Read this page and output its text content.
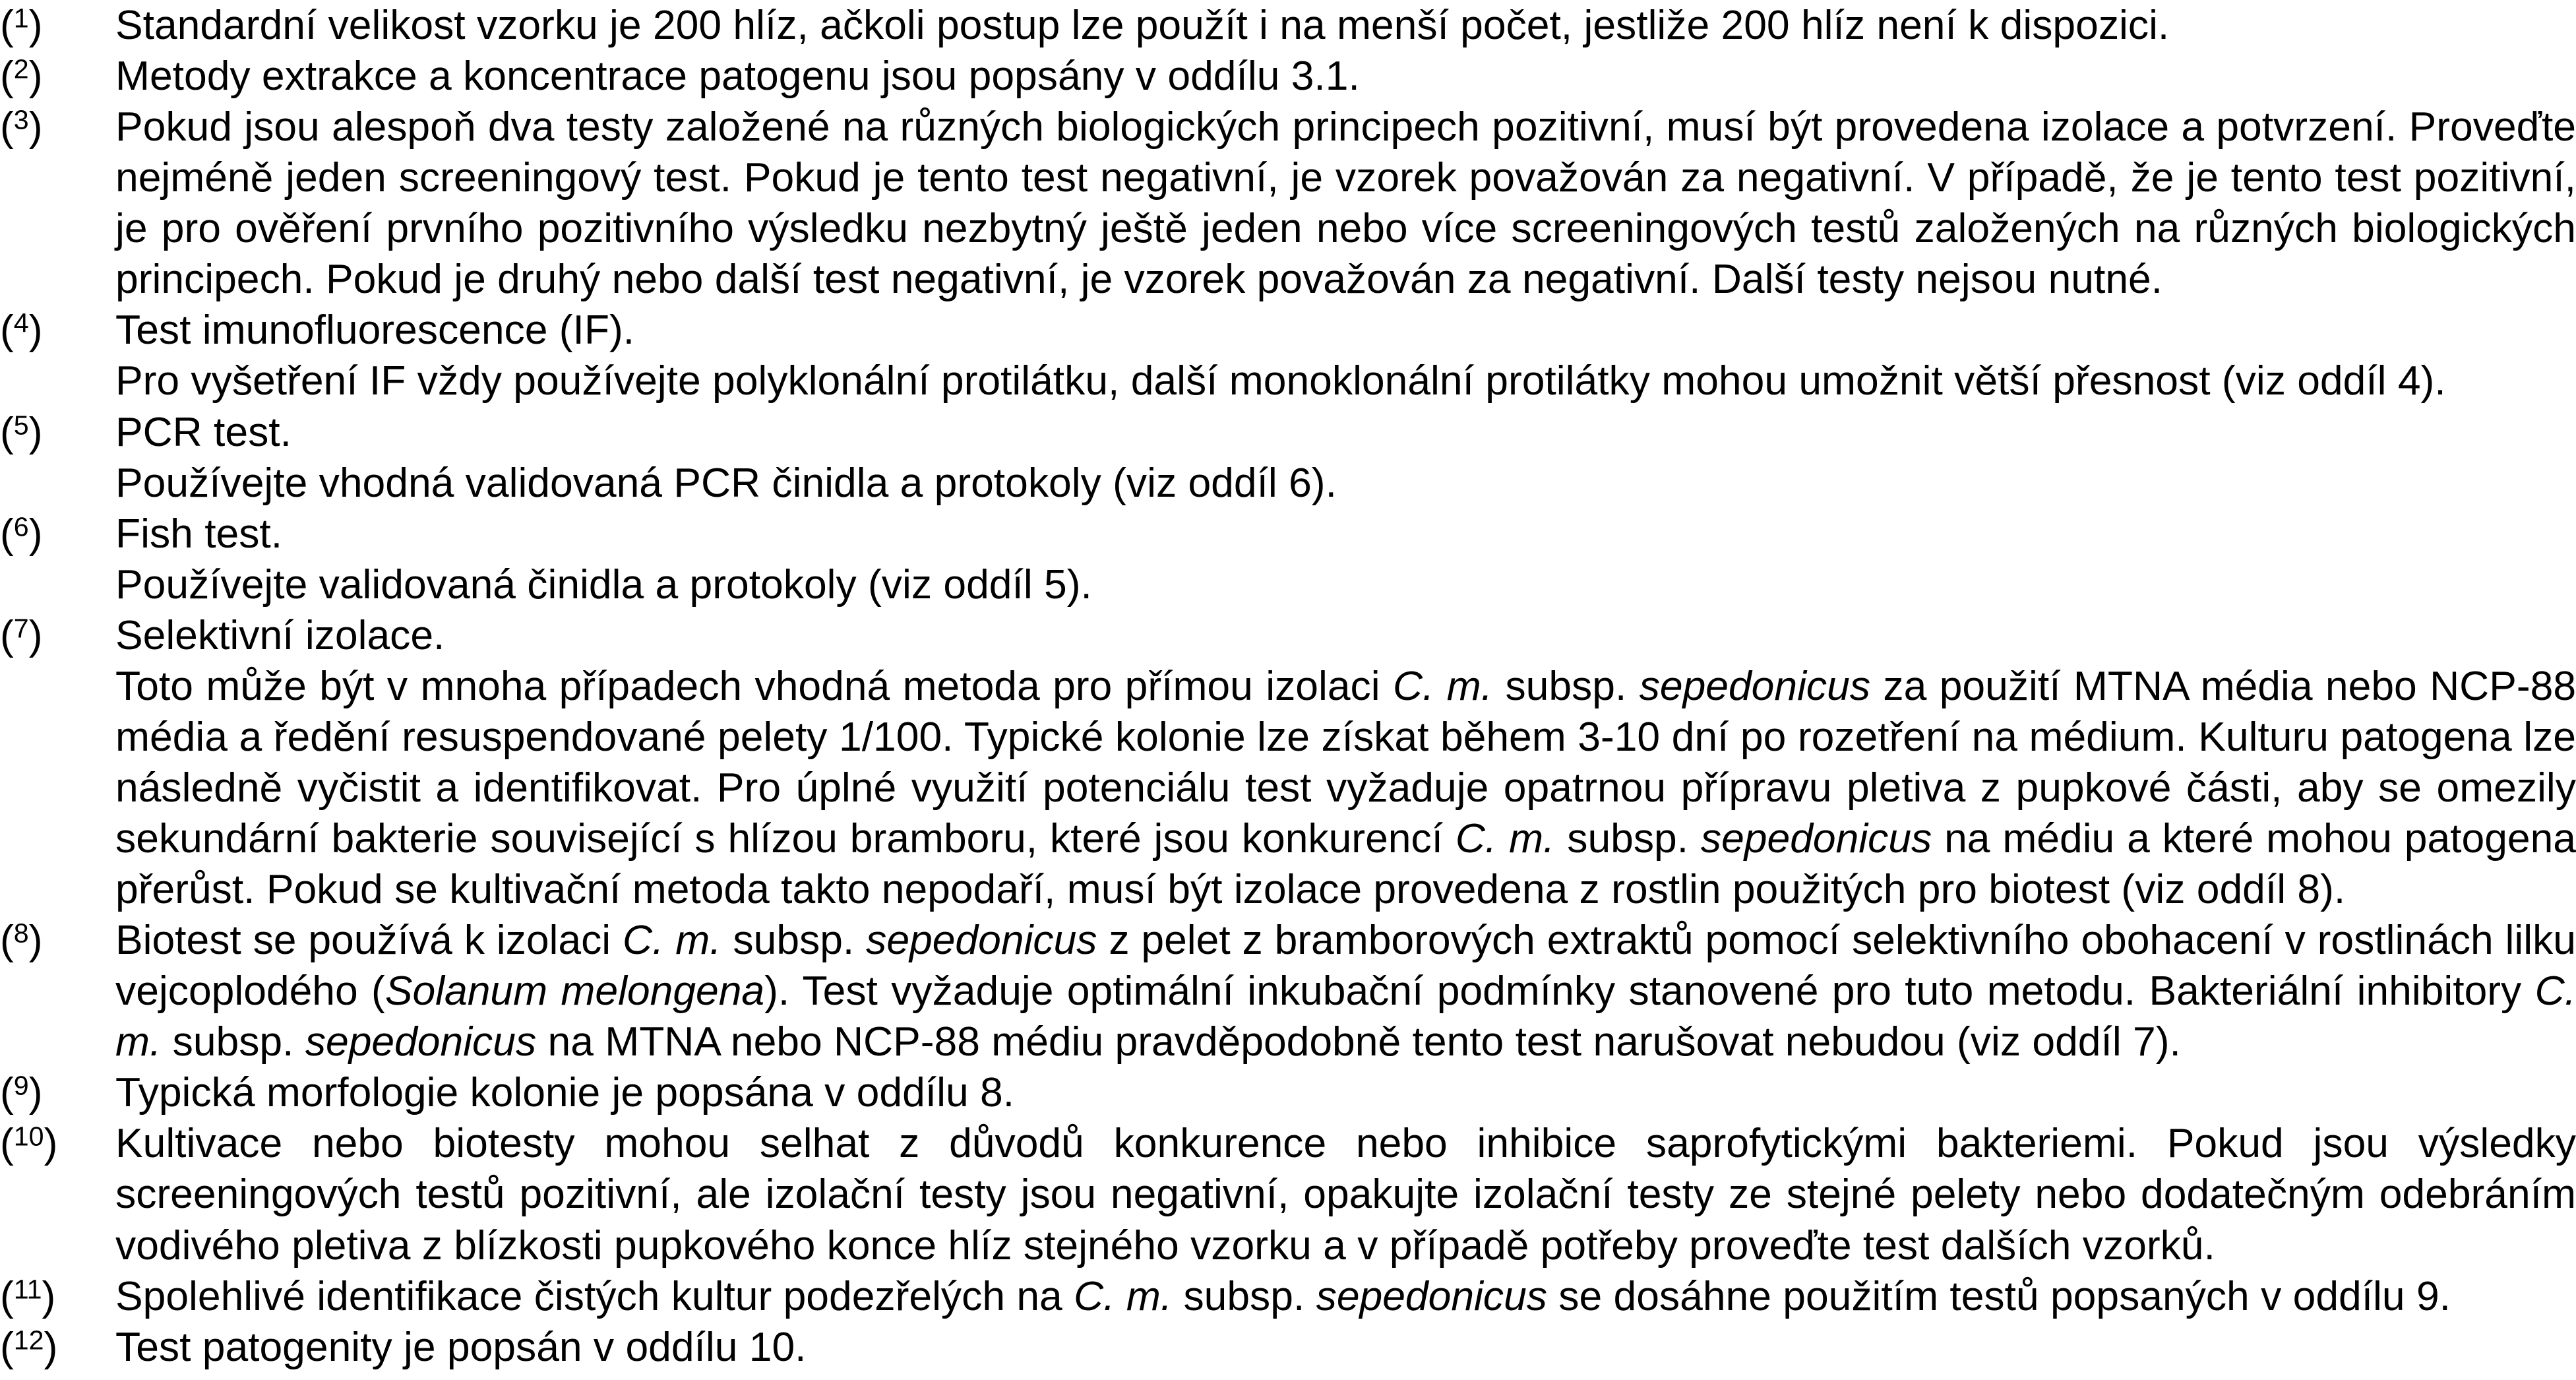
($^1$)	Standardní velikost vzorku je 200 hlíz, ačkoli postup lze použít i na menší počet, jestliže 200 hlíz není k dispozici.

($^2$)	Metody extrakce a koncentrace patogenu jsou popsány v oddílu 3.1.

($^3$)	Pokud jsou alespoň dva testy založené na různých biologických principech pozitivní, musí být provedena izolace a potvrzení. Proveďte nejméně jeden screeningový test. Pokud je tento test negativní, je vzorek považován za negativní. V případě, že je tento test pozitivní, je pro ověření prvního pozitivního výsledku nezbytný ještě jeden nebo více screeningových testů založených na různých biologických principech. Pokud je druhý nebo další test negativní, je vzorek považován za negativní. Další testy nejsou nutné.

($^4$)	Test imunofluorescence (IF).

Pro vyšetření IF vždy používejte polyklonální protilátku, další monoklonální protilátky mohou umožnit větší přesnost (viz oddíl 4).

($^5$)	PCR test.

Používejte vhodná validovaná PCR činidla a protokoly (viz oddíl 6).

($^6$)	Fish test.

Používejte validovaná činidla a protokoly (viz oddíl 5).

($^7$)	Selektivní izolace.

Toto může být v mnoha případech vhodná metoda pro přímou izolaci C. m. subsp. sepedonicus za použití MTNA média nebo NCP-88 média a ředění resuspendované pelety 1/100. Typické kolonie lze získat během 3-10 dní po rozetření na médium. Kulturu patogena lze následně vyčistit a identifikovat. Pro úplné využití potenciálu test vyžaduje opatrnou přípravu pletiva z pupkové části, aby se omezily sekundární bakterie související s hlízou bramboru, které jsou konkurencí C. m. subsp. sepedonicus na médiu a které mohou patogena přerůst. Pokud se kultivační metoda takto nepodaří, musí být izolace provedena z rostlin použitých pro biotest (viz oddíl 8).

($^8$)	Biotest se používá k izolaci C. m. subsp. sepedonicus z pelet z bramborových extraktů pomocí selektivního obohacení v rostlinách lilku vejcoplodého (Solanum melongena). Test vyžaduje optimální inkubační podmínky stanovené pro tuto metodu. Bakteriální inhibitory C. m. subsp. sepedonicus na MTNA nebo NCP-88 médiu pravděpodobně tento test narušovat nebudou (viz oddíl 7).

($^9$)	Typická morfologie kolonie je popsána v oddílu 8.

($^{10}$)	Kultivace nebo biotesty mohou selhat z důvodů konkurence nebo inhibice saprofytickými bakteriemi. Pokud jsou výsledky screeningových testů pozitivní, ale izolační testy jsou negativní, opakujte izolační testy ze stejné pelety nebo dodatečným odebráním vodivého pletiva z blízkosti pupkového konce hlíz stejného vzorku a v případě potřeby proveďte test dalších vzorků.

($^{11}$)	Spolehlivé identifikace čistých kultur podezřelých na C. m. subsp. sepedonicus se dosáhne použitím testů popsaných v oddílu 9.

($^{12}$)	Test patogenity je popsán v oddílu 10.
